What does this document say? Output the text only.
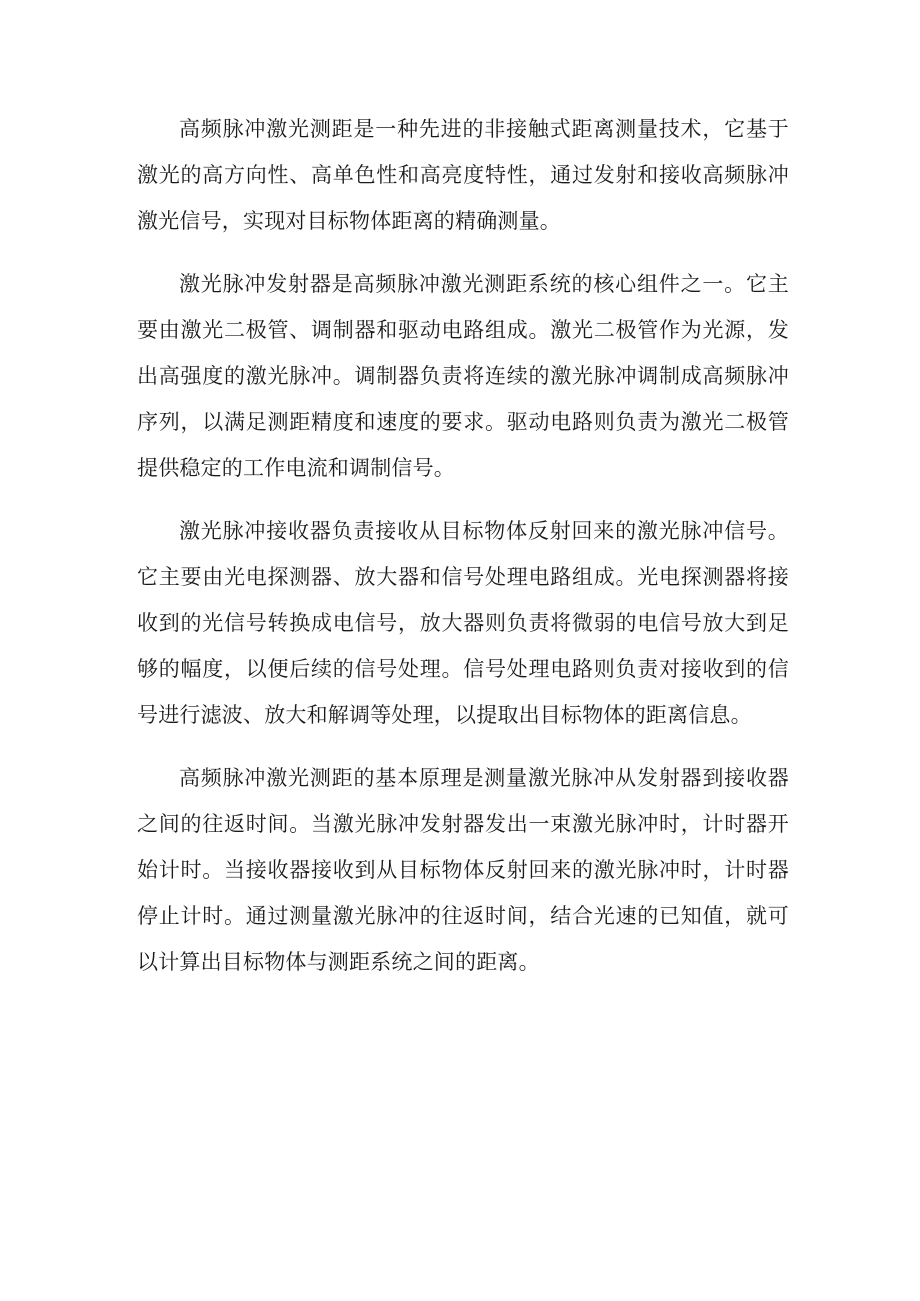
高频脉冲激光测距是一种先进的非接触式距离测量技术，它基于激光的高方向性、高单色性和高亮度特性，通过发射和接收高频脉冲激光信号，实现对目标物体距离的精确测量。

激光脉冲发射器是高频脉冲激光测距系统的核心组件之一。它主要由激光二极管、调制器和驱动电路组成。激光二极管作为光源，发出高强度的激光脉冲。调制器负责将连续的激光脉冲调制成高频脉冲序列，以满足测距精度和速度的要求。驱动电路则负责为激光二极管提供稳定的工作电流和调制信号。

激光脉冲接收器负责接收从目标物体反射回来的激光脉冲信号。它主要由光电探测器、放大器和信号处理电路组成。光电探测器将接收到的光信号转换成电信号，放大器则负责将微弱的电信号放大到足够的幅度，以便后续的信号处理。信号处理电路则负责对接收到的信号进行滤波、放大和解调等处理，以提取出目标物体的距离信息。

高频脉冲激光测距的基本原理是测量激光脉冲从发射器到接收器之间的往返时间。当激光脉冲发射器发出一束激光脉冲时，计时器开始计时。当接收器接收到从目标物体反射回来的激光脉冲时，计时器停止计时。通过测量激光脉冲的往返时间，结合光速的已知值，就可以计算出目标物体与测距系统之间的距离。
